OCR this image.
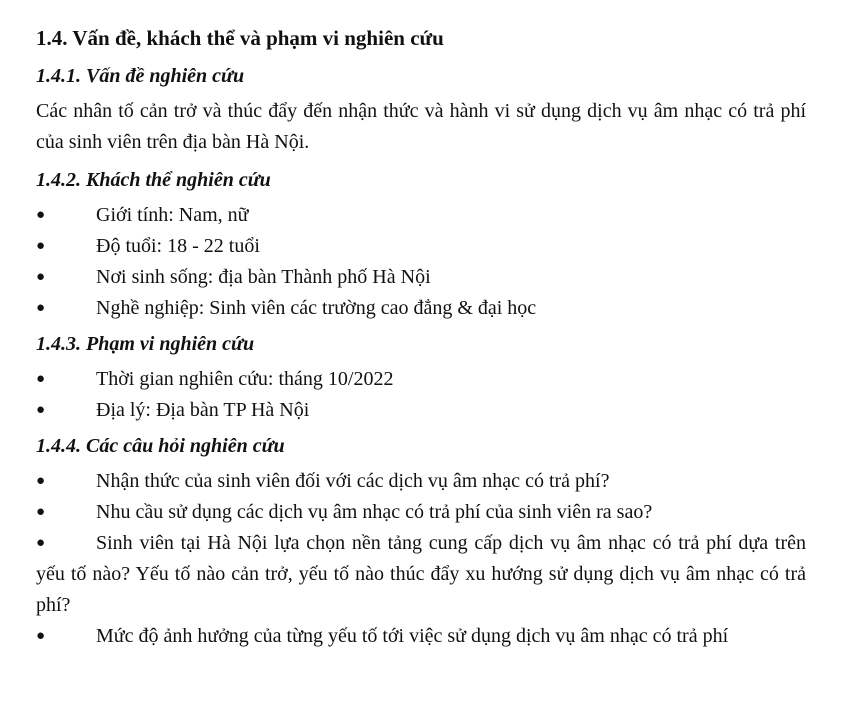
1.4. Vấn đề, khách thể và phạm vi nghiên cứu
1.4.1. Vấn đề nghiên cứu
Các nhân tố cản trở và thúc đẩy đến nhận thức và hành vi sử dụng dịch vụ âm nhạc có trả phí của sinh viên trên địa bàn Hà Nội.
1.4.2. Khách thể nghiên cứu
●	Giới tính: Nam, nữ
●	Độ tuổi: 18 - 22 tuổi
●	Nơi sinh sống: địa bàn Thành phố Hà Nội
●	Nghề nghiệp: Sinh viên các trường cao đẳng & đại học
1.4.3. Phạm vi nghiên cứu
●	Thời gian nghiên cứu: tháng 10/2022
●	Địa lý: Địa bàn TP Hà Nội
1.4.4. Các câu hỏi nghiên cứu
●	Nhận thức của sinh viên đối với các dịch vụ âm nhạc có trả phí?
●	Nhu cầu sử dụng các dịch vụ âm nhạc có trả phí của sinh viên ra sao?
●	Sinh viên tại Hà Nội lựa chọn nền tảng cung cấp dịch vụ âm nhạc có trả phí dựa trên yếu tố nào? Yếu tố nào cản trở, yếu tố nào thúc đẩy xu hướng sử dụng dịch vụ âm nhạc có trả phí?
●	Mức độ ảnh hưởng của từng yếu tố tới việc sử dụng dịch vụ âm nhạc có trả phí
